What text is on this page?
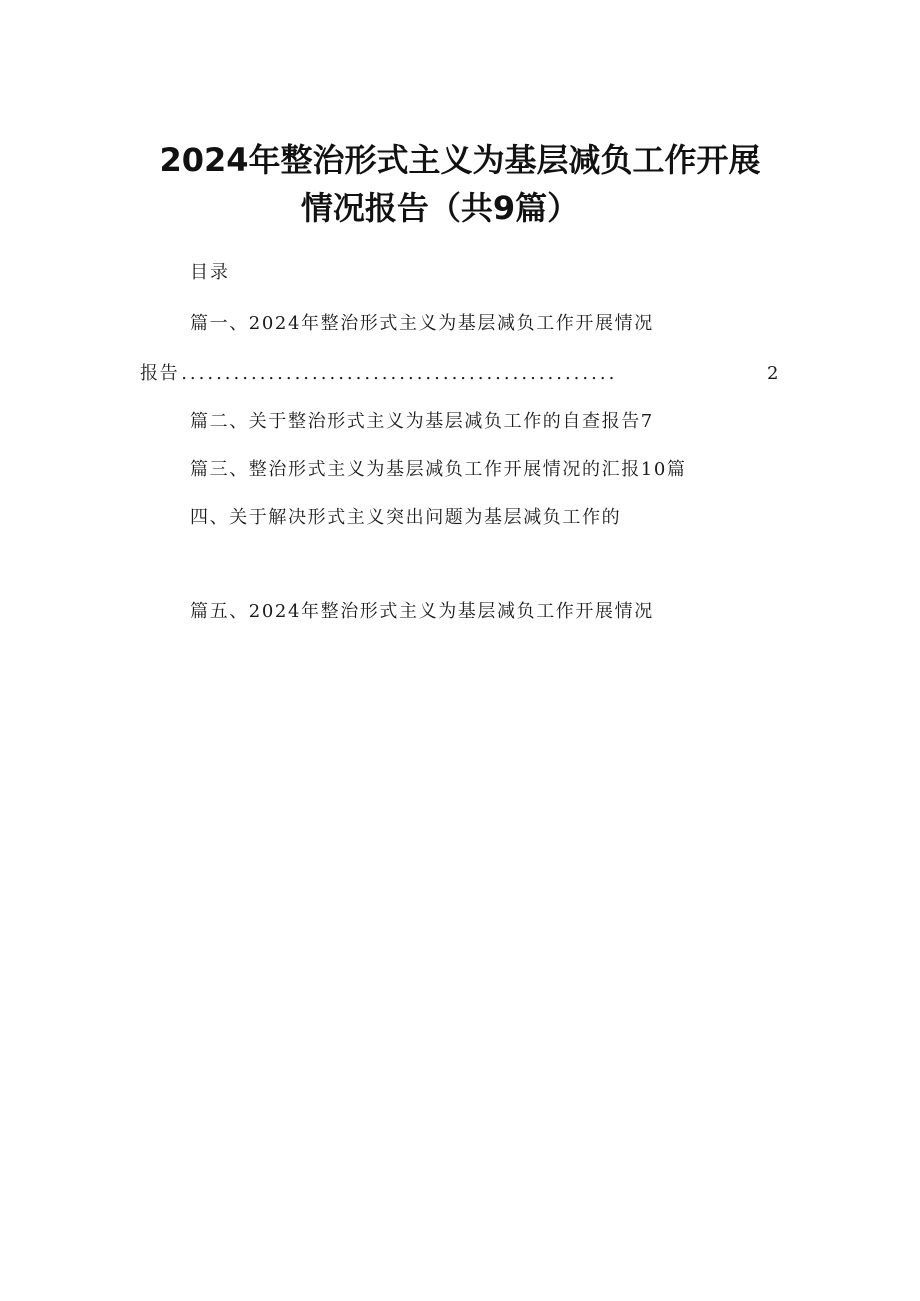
2024年整治形式主义为基层减负工作开展
情况报告（共9篇）
目录
篇一、2024年整治形式主义为基层减负工作开展情况
报告 ..................................................	2
篇二、关于整治形式主义为基层减负工作的自查报告7
篇三、整治形式主义为基层减负工作开展情况的汇报10篇
四、关于解决形式主义突出问题为基层减负工作的
篇五、2024年整治形式主义为基层减负工作开展情况
